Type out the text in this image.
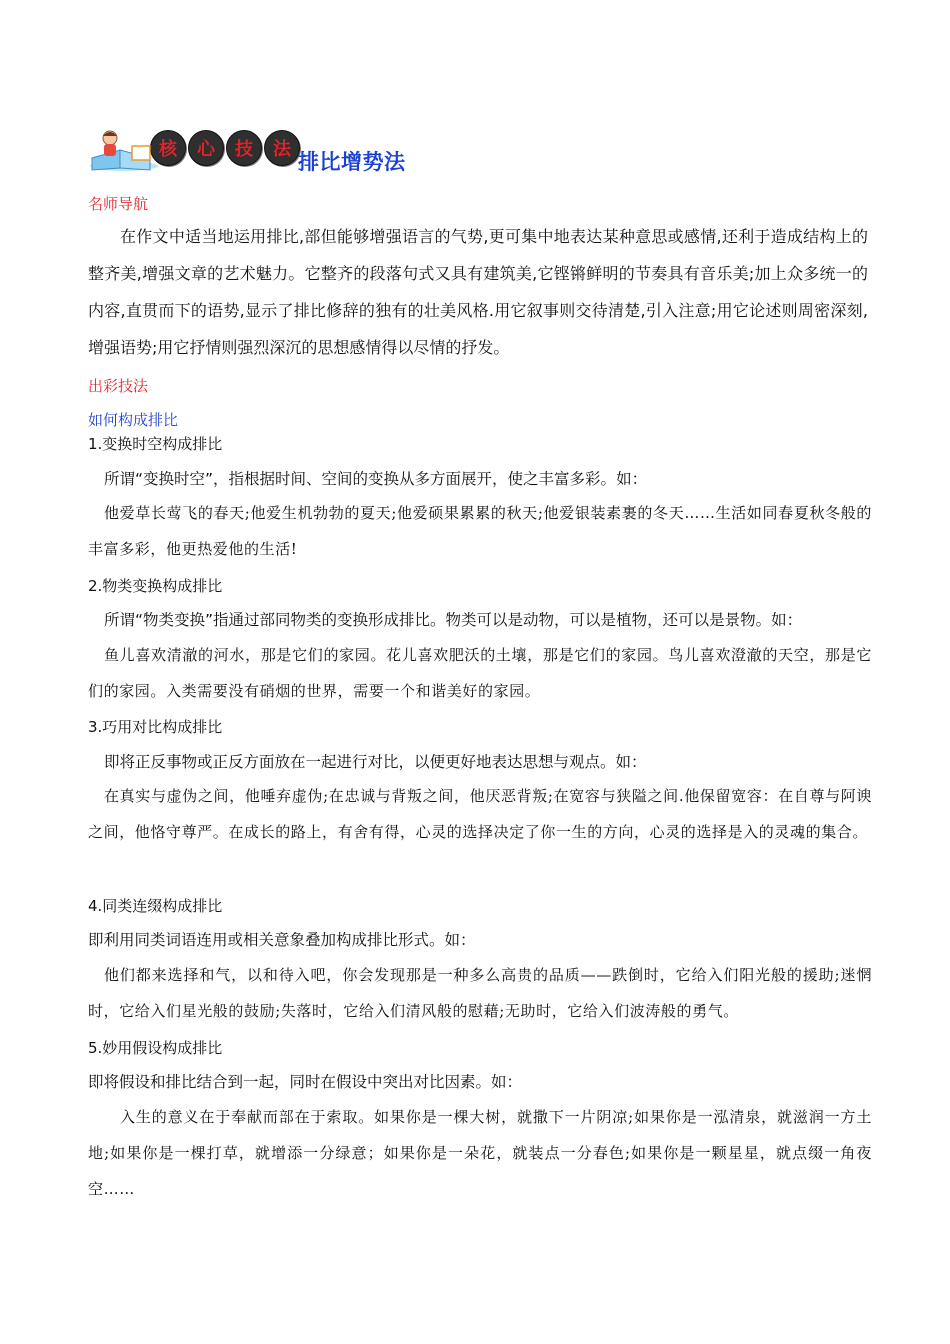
核	心	技	法
排比增势法
名师导航
在作文中适当地运用排比,部但能够增强语言的气势,更可集中地表达某种意思或感情,还利于造成结构上的整齐美,增强文章的艺术魅力。它整齐的段落句式又具有建筑美,它铿锵鲜明的节奏具有音乐美;加上众多统一的内容,直贯而下的语势,显示了排比修辞的独有的壮美风格.用它叙事则交待清楚,引入注意;用它论述则周密深刻,增强语势;用它抒情则强烈深沉的思想感情得以尽情的抒发。
出彩技法
如何构成排比
1.变换时空构成排比
所谓“变换时空”，指根据时间、空间的变换从多方面展开，使之丰富多彩。如：
他爱草长莺飞的春天;他爱生机勃勃的夏天;他爱硕果累累的秋天;他爱银装素裹的冬天……生活如同春夏秋冬般的丰富多彩，他更热爱他的生活!
2.物类变换构成排比
所谓“物类变换”指通过部同物类的变换形成排比。物类可以是动物，可以是植物，还可以是景物。如：
鱼儿喜欢清澈的河水，那是它们的家园。花儿喜欢肥沃的土壤，那是它们的家园。鸟儿喜欢澄澈的天空，那是它们的家园。入类需要没有硝烟的世界，需要一个和谐美好的家园。
3.巧用对比构成排比
即将正反事物或正反方面放在一起进行对比，以便更好地表达思想与观点。如：
在真实与虚伪之间，他唾弃虚伪;在忠诚与背叛之间，他厌恶背叛;在宽容与狭隘之间.他保留宽容：在自尊与阿谀之间，他恪守尊严。在成长的路上，有舍有得，心灵的选择决定了你一生的方向，心灵的选择是入的灵魂的集合。
4.同类连缀构成排比
即利用同类词语连用或相关意象叠加构成排比形式。如：
他们都来选择和气，以和待入吧，你会发现那是一种多么高贵的品质——跌倒时，它给入们阳光般的援助;迷惘时，它给入们星光般的鼓励;失落时，它给入们清风般的慰藉;无助时，它给入们波涛般的勇气。
5.妙用假设构成排比
即将假设和排比结合到一起，同时在假设中突出对比因素。如：
入生的意义在于奉献而部在于索取。如果你是一棵大树，就撒下一片阴凉;如果你是一泓清泉，就滋润一方土地;如果你是一棵打草，就增添一分绿意；如果你是一朵花，就装点一分春色;如果你是一颗星星，就点缀一角夜空……
